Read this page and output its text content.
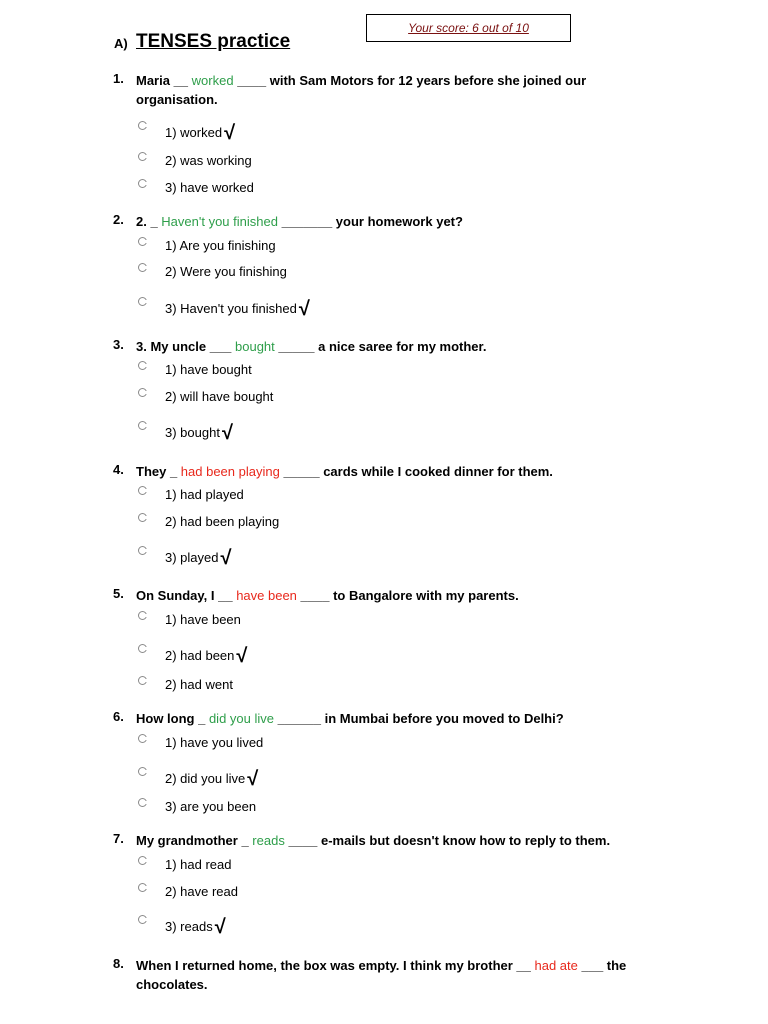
Your score: 6 out of 10
A) TENSES practice
1. Maria __ worked ____ with Sam Motors for 12 years before she joined our organisation.
1) worked √
2) was working
3) have worked
2. 2. _ Haven't you finished _______ your homework yet?
1) Are you finishing
2) Were you finishing
3) Haven't you finished √
3. 3. My uncle ___ bought _____ a nice saree for my mother.
1) have bought
2) will have bought
3) bought √
4. They _ had been playing _____ cards while I cooked dinner for them.
1) had played
2) had been playing
3) played √
5. On Sunday, I __ have been ____ to Bangalore with my parents.
1) have been
2) had been √
2) had went
6. How long _ did you live ______ in Mumbai before you moved to Delhi?
1) have you lived
2) did you live √
3) are you been
7. My grandmother _ reads ____ e-mails but doesn't know how to reply to them.
1) had read
2) have read
3) reads √
8. When I returned home, the box was empty. I think my brother __ had ate ___ the chocolates.
